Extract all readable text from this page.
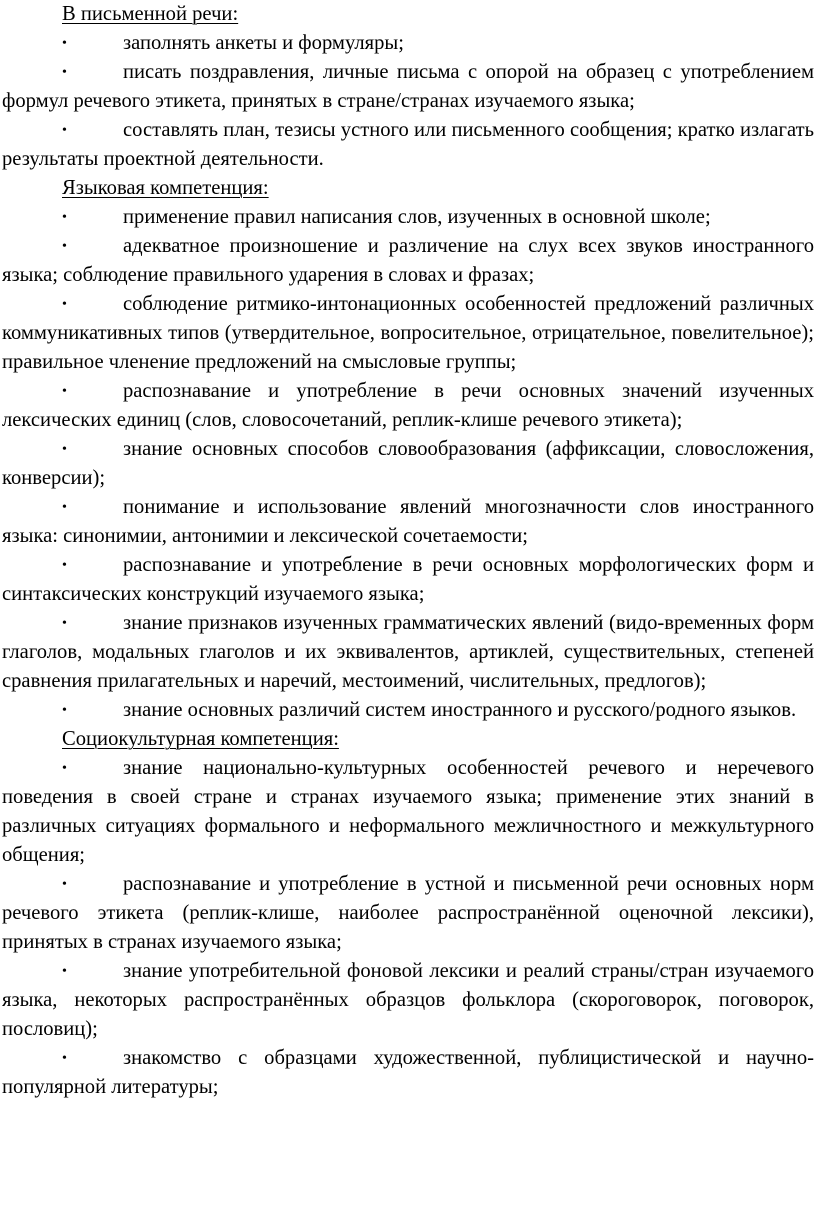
В письменной речи:

•	заполнять анкеты и формуляры;

•	писать поздравления, личные письма с опорой на образец с употреблением формул речевого этикета, принятых в стране/странах изучаемого языка;

•	составлять план, тезисы устного или письменного сообщения; кратко излагать результаты проектной деятельности.

Языковая компетенция:

•	применение правил написания слов, изученных в основной школе;

•	адекватное произношение и различение на слух всех звуков иностранного языка; соблюдение правильного ударения в словах и фразах;

•	соблюдение ритмико-интонационных особенностей предложений различных коммуникативных типов (утвердительное, вопросительное, отрицательное, повелительное); правильное членение предложений на смысловые группы;

•	распознавание и употребление в речи основных значений изученных лексических единиц (слов, словосочетаний, реплик-клише речевого этикета);

•	знание основных способов словообразования (аффиксации, словосложения, конверсии);

•	понимание и использование явлений многозначности слов иностранного языка: синонимии, антонимии и лексической сочетаемости;

•	распознавание и употребление в речи основных морфологических форм и синтаксических конструкций изучаемого языка;

•	знание признаков изученных грамматических явлений (видо-временных форм глаголов, модальных глаголов и их эквивалентов, артиклей, существительных, степеней сравнения прилагательных и наречий, местоимений, числительных, предлогов);

•	знание основных различий систем иностранного и русского/родного языков.

Социокультурная компетенция:

•	знание национально-культурных особенностей речевого и неречевого поведения в своей стране и странах изучаемого языка; применение этих знаний в различных ситуациях формального и неформального межличностного и межкультурного общения;

•	распознавание и употребление в устной и письменной речи основных норм речевого этикета (реплик-клише, наиболее распространённой оценочной лексики), принятых в странах изучаемого языка;

•	знание употребительной фоновой лексики и реалий страны/стран изучаемого языка, некоторых распространённых образцов фольклора (скороговорок, поговорок, пословиц);

•	знакомство с образцами художественной, публицистической и научно-популярной литературы;
